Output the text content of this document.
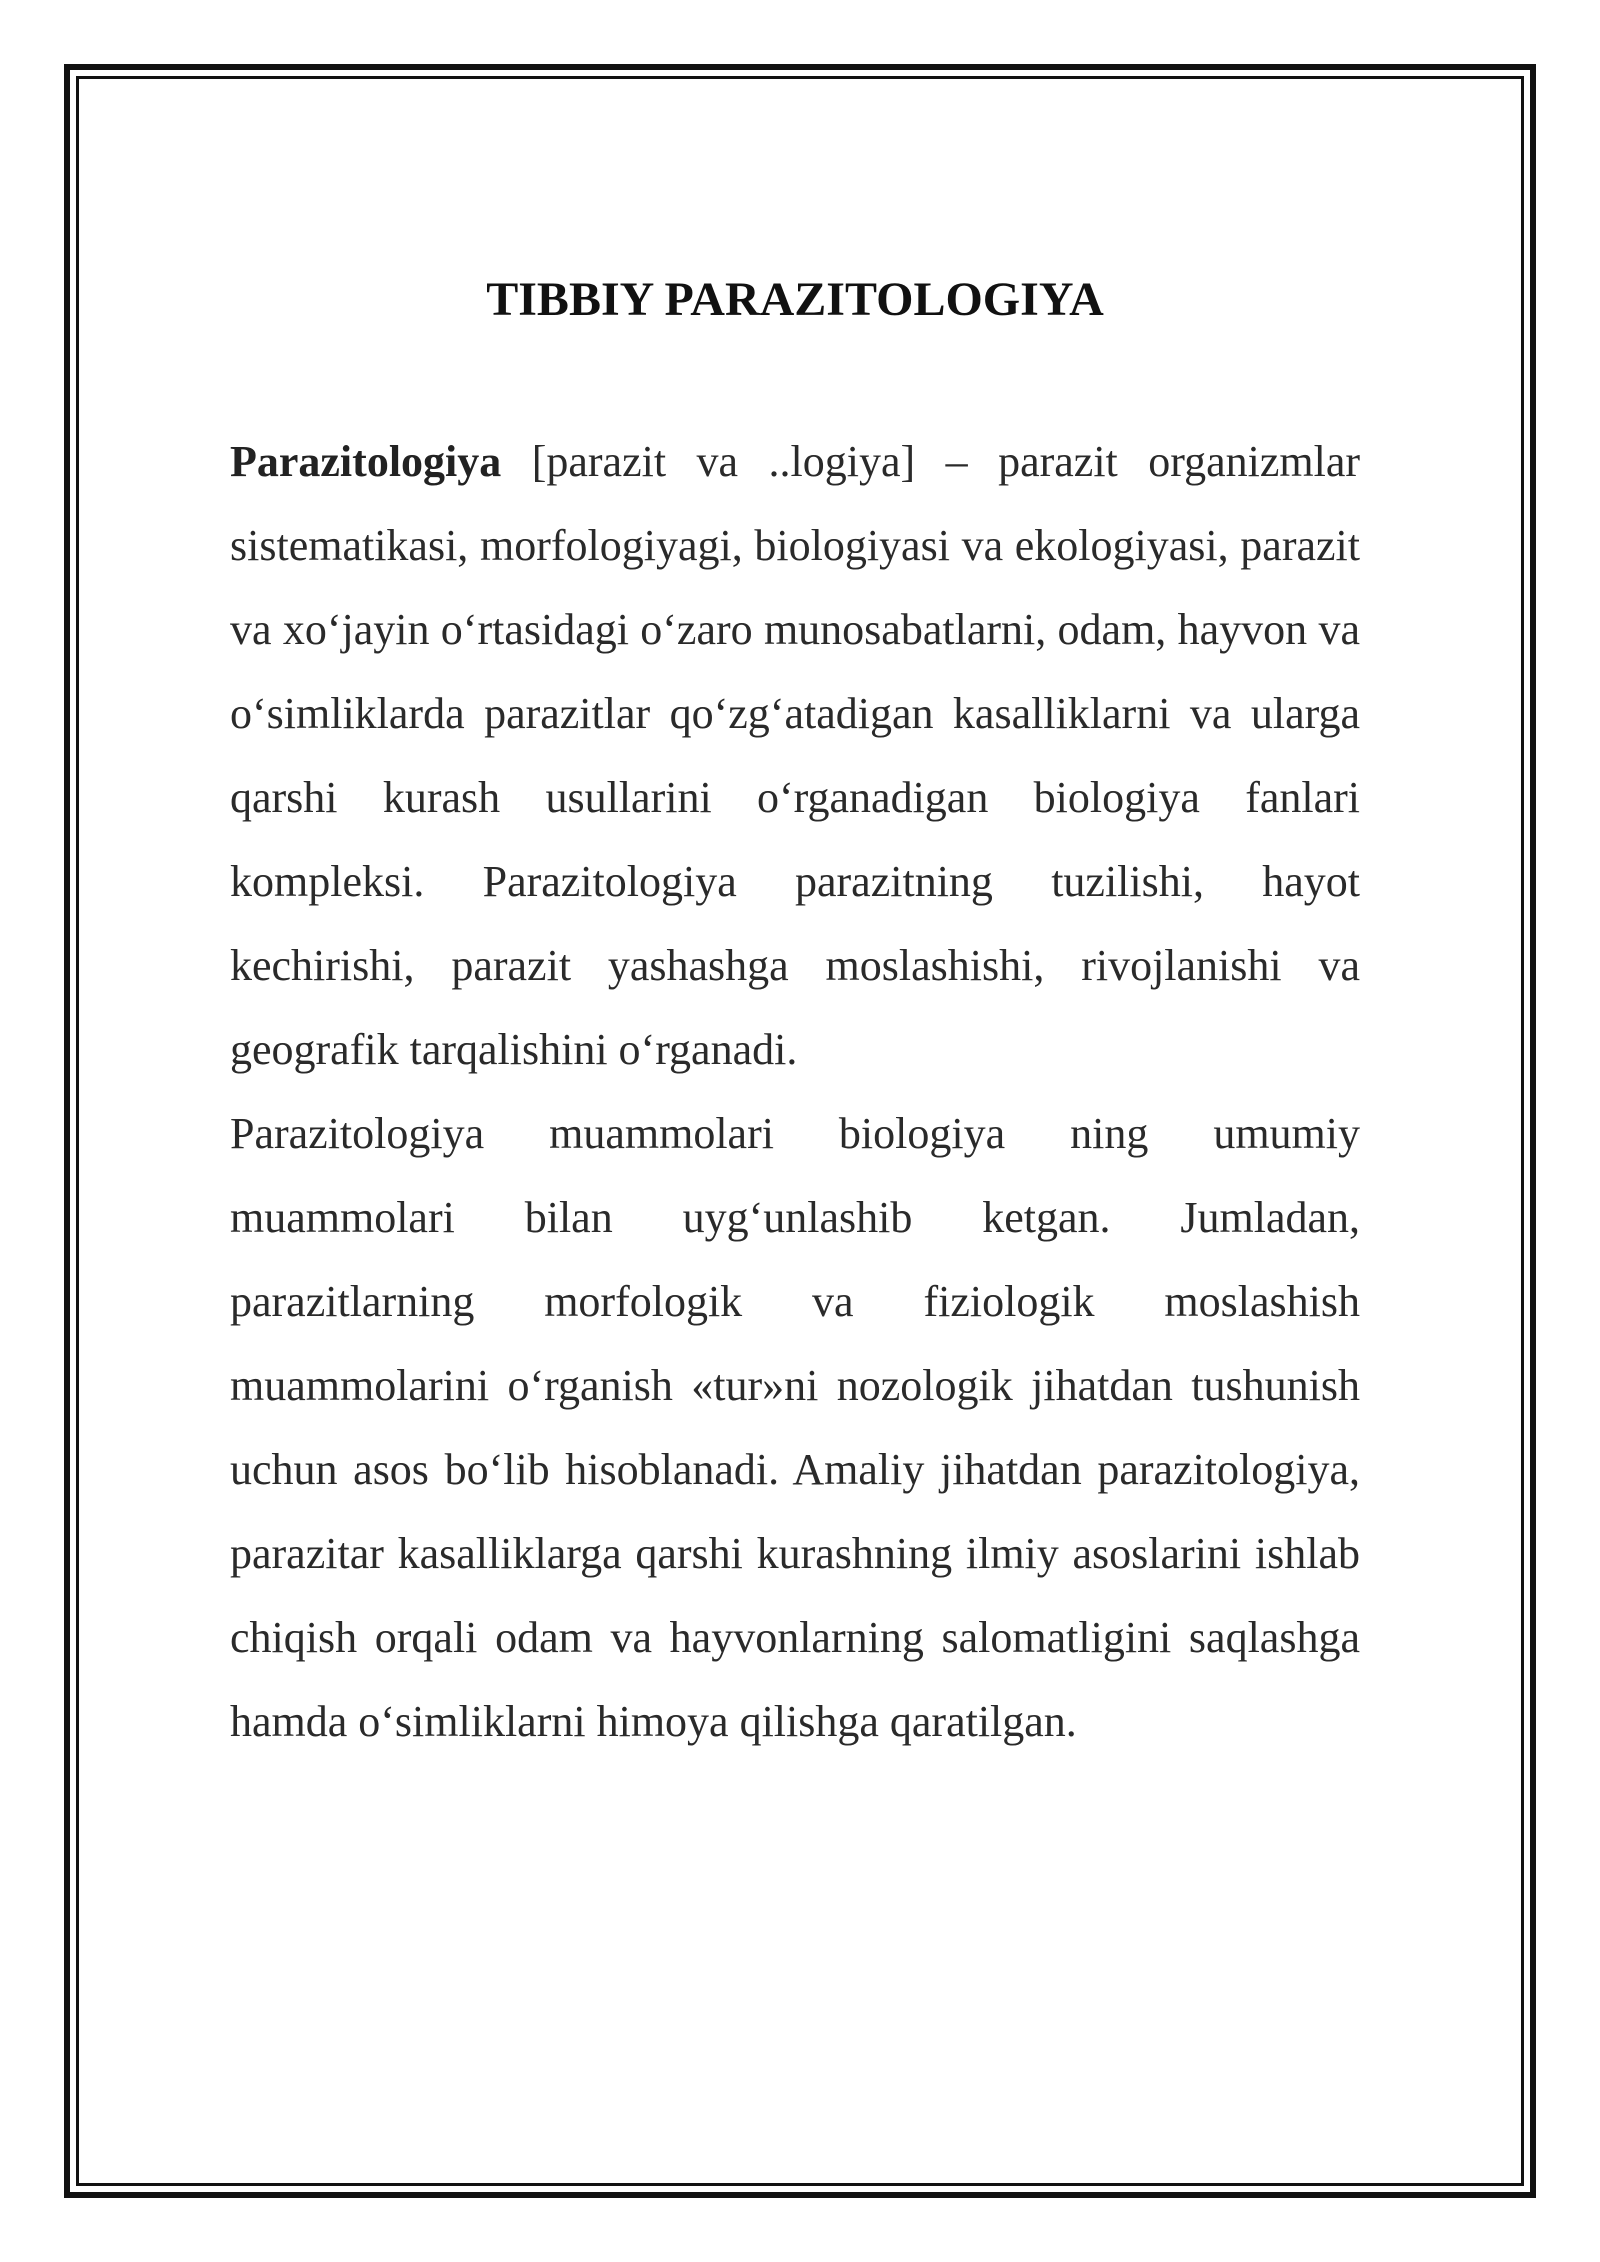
TIBBIY PARAZITOLOGIYA

Parazitologiya [parazit va ..logiya] – parazit organizmlar sistematikasi, morfologiyagi, biologiyasi va ekologiyasi, parazit va xo‘jayin o‘rtasidagi o‘zaro munosabatlarni, odam, hayvon va o‘simliklarda parazitlar qo‘zg‘atadigan kasalliklarni va ularga qarshi kurash usullarini o‘rganadigan biologiya fanlari kompleksi. Parazitologiya parazitning tuzilishi, hayot kechirishi, parazit yashashga moslashishi, rivojlanishi va geografik tarqalishini o‘rganadi.

Parazitologiya muammolari biologiya ning umumiy muammolari bilan uyg‘unlashib ketgan. Jumladan, parazitlarning morfologik va fiziologik moslashish muammolarini o‘rganish «tur»ni nozologik jihatdan tushunish uchun asos bo‘lib hisoblanadi. Amaliy jihatdan parazitologiya, parazitar kasalliklarga qarshi kurashning ilmiy asoslarini ishlab chiqish orqali odam va hayvonlarning salomatligini saqlashga hamda o‘simliklarni himoya qilishga qaratilgan.
